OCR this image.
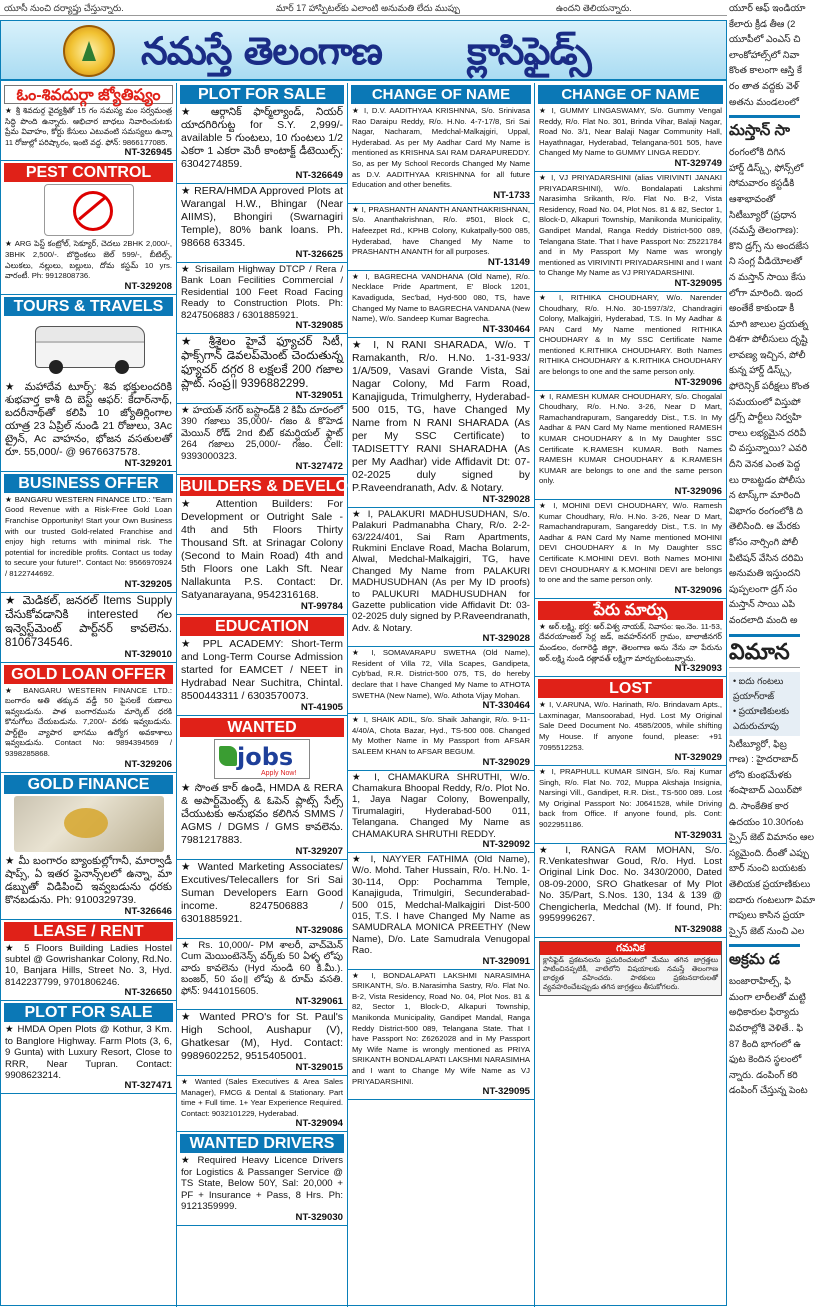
యూసీ నుంచి దర్యాప్తు చేస్తున్నారు.	మార్ 17 హాస్పిటల్‌కు ఎలాంటి అనుమతి లేదు ముప్పు	ఉందని తెలియన్నారు.
నమస్తే తెలంగాణ క్లాసిఫైడ్స్
ఓం-శివదుర్గా జ్యోతిష్యం
★ శ్రీ శివదుర్గ వైద్యశ్రీతో 15 గం సమస్య మం సర్వమంత్ర సిద్ధి పొంది ఉన్నారు. ఆభిచార బాధలు నివారించుటకు ప్రేమ వివాహం, కోర్టు కేసులు ఎటువంటి సమస్యలు ఉన్నా 11 రోజుల్లో పరిష్కారం, ఇంటి వద్ద. ఫోన్: 9866177085.
NT-326945
PEST CONTROL
★ ARG పెస్ట్ కంట్రోల్, సెక్యూర్, చెదలు 2BHK 2,000/-, 3BHK 2,500/-. బొద్దింకలు జెల్ 599/-, బీటిల్స్, ఎలుకలు, నల్లులు, బల్లులు, దోమ కస్టమ్ 10 yrs. వారంటీ. Ph: 9912808736.
NT-329208
TOURS & TRAVELS
★ మహాదేవ టూర్స్: శివ భక్తులందరికి శుభవార్త కాశీ ది బెస్ట్ ఆఫర్: కేదార్‌నాథ్, బదరీనాథ్‌తో కలిపి 10 జ్యోతిర్లింగాల యాత్ర 23 ఏప్రిల్‌ నుండి 21 రోజులు, 3Ac ట్రైన్, Ac వాహనం, భోజన వసతులతో రూ. 55,000/- @ 9676637578.
NT-329201
BUSINESS OFFER
★ BANGARU WESTERN FINANCE LTD.: "Earn Good Revenue with a Risk-Free Gold Loan Franchise Opportunity! Start your Own Business with our trusted Gold-related Franchise and enjoy high returns with minimal risk. The potential for incredible profits. Contact us today to secure your future!". Contact No: 9566970924 / 8122744692.
NT-329205
★ మెడికల్, జనరల్ Items Supply చేసుకోవడానికి interested గల ఇన్వెస్ట్‌మెంట్ పార్ట్‌నర్ కావలెను. 8106734546.
NT-329010
GOLD LOAN OFFER
★ BANGARU WESTERN FINANCE LTD.: బంగారం అతి తక్కువ వడ్డీ 50 పైసలకే రుణాలు ఇవ్వబడును. పాత బంగారమును మార్కెట్ ధరకి కొనుగోలు చేయబడును. 7,200/- వరకు ఇవ్వబడును. పార్ట్‌టైం వ్యాపార భాగము ఉద్యోగ అవకాశాలు ఇవ్వబడును. Contact No: 9894394569 / 9398285868.
NT-329206
GOLD FINANCE
★ మీ బంగారం బ్యాంకుల్లోగానీ, మార్వాడీ షాప్స్, ఏ ఇతర ఫైనాన్స్‌లలో ఉన్నా, మా డబ్బుతో విడిపించి ఇవ్వబడును ధరకు కొనబడును. Ph: 9100329739.
NT-326646
LEASE / RENT
★ 5 Floors Building Ladies Hostel subtel @ Gowrishankar Colony, Rd.No. 10, Banjara Hills, Street No. 3, Hyd. 8142237799, 9701806246.
NT-326650
PLOT FOR SALE
★ HMDA Open Plots @ Kothur, 3 Km. to Banglore Highway. Farm Plots (3, 6, 9 Gunta) with Luxury Resort, Close to RRR, Near Tupran. Contact: 9908623214.
NT-327471
PLOT FOR SALE
★ ఆర్గానిక్ ఫార్మ్‌ల్యాండ్, నియర్ యాదగిరిగుట్ట for S.Y. 2,999/- available 5 గుంటలు, 10 గుంటలు 1/2 ఎకరా 1 ఎకరా మెరీ కాంటాక్ట్ డీటెయిల్స్: 6304274859.
NT-326649
★ RERA/HMDA Approved Plots at Warangal H.W., Bhingar (Near AIIMS), Bhongiri (Swarnagiri Temple), 80% bank loans. Ph. 98668 63345.
NT-326625
★ Srisailam Highway DTCP / Rera / Bank Loan Fecilities Commercial / Residential 100 Feet Road Facing Ready to Construction Plots. Ph: 8247506883 / 6301885921.
NT-329085
★ శ్రీశైలం హైవే ఫ్యూచర్ సిటీ, ఫాక్స్‌గాన్ డెవలప్‌మెంట్ చెందుతున్న ఫ్యూచర్ దగ్గర 8 లక్షలకే 200 గజాల ప్లాట్. సంప్ర॥ 9396882299.
NT-329051
★ హయత్ నగర్ బస్టాండ్‌కి 2 కిమీ దూరంలో 390 గజాలు 35,000/- గజం & కొహెడ మెయిన్ రోడ్ 2nd బిట్ కమర్షియల్ ఫ్లాట్ 264 గజాలు 25,000/- గజం. Cell: 9393000323.
NT-327472
BUILDERS & DEVELOPERS
★ Attention Builders: For Development or Outright Sale - 4th and 5th Floors Thirty Thousand Sft. at Srinagar Colony (Second to Main Road) 4th and 5th Floors one Lakh Sft. Near Nallakunta P.S. Contact: Dr. Satyanarayana, 9542316168.
NT-99784
EDUCATION
★ PPL ACADEMY: Short-Term and Long-Term Course Admission started for EAMCET / NEET in Hydrabad Near Suchitra, Chintal. 8500443311 / 6303570073.
NT-41905
WANTED
jobs
Apply Now!
★ సొంత కార్ ఉండి, HMDA & RERA & అపార్ట్‌మెంట్స్ & ఓపెన్ ప్లాట్స్ సేల్స్ చేయుటకు అనుభవం కలిగిన SMMS / AGMS / DGMS / GMS కావలెను. 7981217883.
NT-329207
★ Wanted Marketing Associates/ Excutives/Telecallers for Sri Sai Suman Developers Earn Good income. 8247506883 / 6301885921.
NT-329086
★ Rs. 10,000/- PM శాలరీ, వాచ్‌మెన్ Cum మెయింటెనెన్స్ వర్క్‌కు 50 ఏళ్ళ లోపు వారు కావలెను (Hyd నుండి 60 కి.మీ.). బంజర్, 50 పం॥ లోపు & రూమ్ వసతి. ఫోన్: 9441015605.
NT-329061
★ Wanted PRO's for St. Paul's High School, Aushapur (V), Ghatkesar (M), Hyd. Contact: 9989602252, 9515405001.
NT-329015
★ Wanted (Sales Executives & Area Sales Manager), FMCG & Dental & Stationary. Part time + Full time. 1+ Year Experience Required. Contact: 9032101229, Hyderabad.
NT-329094
WANTED DRIVERS
★ Required Heavy Licence Drivers for Logistics & Passanger Service @ TS State, Below 50Y, Sal: 20,000 + PF + Insurance + Pass, 8 Hrs. Ph: 9121359999.
NT-329030
CHANGE OF NAME
★ I, D.V. AADITHYAA KRISHNNA, S/o. Srinivasa Rao Daraipu Reddy, R/o. H.No. 4-7-17/8, Sri Sai Nagar, Nacharam, Medchal-Malkajgiri, Uppal, Hyderabad. As per My Aadhar Card My Name is mentioned as KRISHNA SAI RAM DARAPUREDDY. So, as per My School Records Changed My Name as D.V. AADITHYAA KRISHNNA for all future Education and other benefits.
NT-1733
★ I, PRASHANTH ANANTH ANANTHAKRISHNAN, S/o. Ananthakrishnan, R/o. #501, Block C, Hafeezpet Rd., KPHB Colony, Kukatpally-500 085, Hyderabad, have Changed My Name to PRASHANTH ANANTH for all purposes.
NT-13149
★ I, BAGRECHA VANDHANA (Old Name), R/o. Necklace Pride Apartment, E' Block 1201, Kavadiguda, Sec'bad, Hyd-500 080, TS, have Changed My Name to BAGRECHA VANDANA (New Name), W/o. Sandeep Kumar Bagrecha.
NT-330464
★ I, N RANI SHARADA, W/o. T Ramakanth, R/o. H.No. 1-31-933/ 1/A/509, Vasavi Grande Vista, Sai Nagar Colony, Md Farm Road, Kanajiguda, Trimulgherry, Hyderabad-500 015, TG, have Changed My Name from N RANI SHARADA (As per My SSC Certificate) to TADISETTY RANI SHARADHA (As per My Aadhar) vide Affidavit Dt: 07-02-2025 duly signed by P.Raveendranath, Adv. & Notary.
NT-329028
★ I, PALAKURI MADHUSUDHAN, S/o. Palakuri Padmanabha Chary, R/o. 2-2-63/224/401, Sai Ram Apartments, Rukmini Enclave Road, Macha Bolarum, Alwal, Medchal-Malkajgiri, TG, have Changed My Name from PALAKURI MADHUSUDHAN (As per My ID proofs) to PALUKURI MADHUSUDHAN for Gazette publication vide Affidavit Dt: 03-02-2025 duly signed by P.Raveendranath, Adv. & Notary.
NT-329028
★ I, SOMAVARAPU SWETHA (Old Name), Resident of Villa 72, Villa Scapes, Gandipeta, Cyb'bad, R.R. District-500 075, TS, do hereby declare that I have Changed My Name to ATHOTA SWETHA (New Name), W/o. Athota Vijay Mohan.
NT-330464
★ I, SHAIK ADIL, S/o. Shaik Jahangir, R/o. 9-11-4/40/A, Chota Bazar, Hyd., TS-500 008. Changed My Mother Name in My Passport from AFSAR SALEEM KHAN to AFSAR BEGUM.
NT-329029
★ I, CHAMAKURA SHRUTHI, W/o. Chamakura Bhoopal Reddy, R/o. Plot No. 1, Jaya Nagar Colony, Bowenpally, Tirumalagiri, Hyderabad-500 011, Telangana. Changed My Name as CHAMAKURA SHRUTHI REDDY.
NT-329092
★ I, NAYYER FATHIMA (Old Name), W/o. Mohd. Taher Hussain, R/o. H.No. 1-30-114, Opp: Pochamma Temple, Kanajiguda, Trimulgiri, Secunderabad-500 015, Medchal-Malkajgiri Dist-500 015, T.S. I have Changed My Name as SAMUDRALA MONICA PREETHY (New Name), D/o. Late Samudrala Venugopal Rao.
NT-329091
★ I, BONDALAPATI LAKSHMI NARASIMHA SRIKANTH, S/o. B.Narasimha Sastry, R/o. Flat No. B-2, Vista Residency, Road No. 04, Plot Nos. 81 & 82, Sector 1, Block-D, Alkapuri Township, Manikonda Municipality, Gandipet Mandal, Ranga Reddy District-500 089, Telangana State. That I have Passport No: Z6262028 and in My Passport My Wife Name is wrongly mentioned as PRIYA SRIKANTH BONDALAPATI LAKSHMI NARASIMHA and I want to Change My Wife Name as VJ PRIYADARSHINI.
NT-329095
CHANGE OF NAME
★ I, GUMMY LINGASWAMY, S/o. Gummy Vengal Reddy, R/o. Flat No. 301, Brinda Vihar, Balaji Nagar, Road No. 3/1, Near Balaji Nagar Community Hall, Hayathnagar, Hyderabad, Telangana-501 505, have Changed My Name to GUMMY LINGA REDDY.
NT-329749
★ I, VJ PRIYADARSHINI (alias VIRIVINTI JANAKI PRIYADARSHINI), W/o. Bondalapati Lakshmi Narasimha Srikanth, R/o. Flat No. B-2, Vista Residency, Road No. 04, Plot Nos. 81 & 82, Sector 1, Block-D, Alkapuri Township, Manikonda Municipality, Gandipet Mandal, Ranga Reddy District-500 089, Telangana State. That I have Passport No: Z5221784 and in My Passport My Name was wrongly mentioned as VIRIVINTI PRIYADARSHINI and I want to Change My Name as VJ PRIYADARSHINI.
NT-329095
★ I, RITHIKA CHOUDHARY, W/o. Narender Choudhary, R/o. H.No. 30-1597/3/2, Chandragiri Colony, Malkajgiri, Hyderabad, T.S. In My Aadhar & PAN Card My Name mentioned RITHIKA CHOUDHARY & In My SSC Certificate Name mentioned K.RITHIKA CHOUDHARY. Both Names RITHIKA CHOUDHARY & K.RITHIKA CHOUDHARY are belongs to one and the same person only.
NT-329096
★ I, RAMESH KUMAR CHOUDHARY, S/o. Chogalal Choudhary, R/o. H.No. 3-26, Near D Mart, Ramachandrapuram, Sangareddy Dist., T.S. In My Aadhar & PAN Card My Name mentioned RAMESH KUMAR CHOUDHARY & In My Daughter SSC Certificate K.RAMESH KUMAR. Both Names RAMESH KUMAR CHOUDHARY & K.RAMESH KUMAR are belongs to one and the same person only.
NT-329096
★ I, MOHINI DEVI CHOUDHARY, W/o. Ramesh Kumar Choudhary, R/o. H.No. 3-26, Near D Mart, Ramachandrapuram, Sangareddy Dist., T.S. In My Aadhar & PAN Card My Name mentioned MOHINI DEVI CHOUDHARY & In My Daughter SSC Certificate K.MOHINI DEVI. Both Names MOHINI DEVI CHOUDHARY & K.MOHINI DEVI are belongs to one and the same person only.
NT-329096
పేరు మార్పు
★ అర్.లక్ష్మి, భర్త: అర్.విశ్వ నాయక్, నివాసం: ఇం.నెం. 11-53, దేవరయాంజల్ సెర్ల జడ్, జవహర్‌నగర్ గ్రామం, బాలాజీనగర్ మండలం, రంగారెడ్డి జిల్లా, తెలంగాణ అను నేను నా పేరును అర్.లక్ష్మి నుండి రత్లావత్ లక్ష్మిగా మార్చుకుంటున్నాను.
NT-329093
LOST
★ I, V.ARUNA, W/o. Harinath, R/o. Brindavam Apts., Laxminagar, Mansoorabad, Hyd. Lost My Original Sale Deed Document No. 4585/2005, while shifting My House. If anyone found, please: +91 7095512253.
NT-329029
★ I, PRAPHULL KUMAR SINGH, S/o. Raj Kumar Singh, R/o. Flat No. 702, Muppa Akshaja Insignia, Narsingi Vill., Gandipet, R.R. Dist., TS-500 089. Lost My Original Passport No: J0641528, while Driving back from Office. If anyone found, pls. Cont: 9022951186.
NT-329031
★ I, RANGA RAM MOHAN, S/o. R.Venkateshwar Goud, R/o. Hyd. Lost Original Link Doc. No. 3430/2000, Dated 08-09-2000, SRO Ghatkesar of My Plot No. 35/Part, S.Nos. 130, 134 & 139 @ Chengicherla, Medchal (M). If found, Ph: 9959996267.
NT-329088
గమనిక
క్లాసిఫైడ్ ప్రకటనలను ప్రచురించుటలో మేము తగిన జాగ్రత్తలు పాటించినప్పటికీ, వాటిలోని విషయాలకు నమస్తే తెలంగాణ బాధ్యత వహించదు. పాఠకులు ప్రకటనదారులతో వ్యవహరించేటప్పుడు తగిన జాగ్రత్తలు తీసుకోగలరు.

యూర్ ఆఫ్ ఇండియా

కేలారు క్రీడ తీఆ (2

యూపీలో ఎంఎస్ చి

లాంకోహాల్స్‌లో నివా

కొంత కాలంగా ఆస్తి కే

రం తాత వద్దకు వెళ్

అతను మండలంలో

మస్తాన్ సా

రంగంలోకి దిగిన

హార్డ్ డిస్క్స్, ఫోన్స్‌లో

సోమవారం కస్టడీకి

ఆశాభావంతో

సిటీబ్యూరో (ప్రధాన

(నమస్తే తెలంగాణ):

కొని డ్రగ్స్ ను అందజేస

ని సంగ్ల వీడియోలతో

న మస్తాన్ సాయి కేసు

లోగా మారింది. ఇంద

అంతేకే కాకుండా కీ

మాగి జాలుల ప్రయత్న

దిశగా పోలీసులు దృష్టి

లావణ్య ఇచ్చిన, పోలీ

కున్న హార్డ్ డిస్క్స్,

ఫోరెన్సిక్ పరీక్షలు కొంత

సమయంలో విస్తుపో

డ్రగ్స్ పార్టీలు నిర్వహి

రాలు లభ్యమైన దరివీ

చి వస్తున్నాయి? ఎవరి

దీని వెనక ఎంత పెద్ద

లు రాబట్టడం పోలీసు

న టాస్క్‌గా మారింది

విభాగం రంగంలోకి ది

తెలిసింది. ఆ మేరకు

కోసం నార్సింగి పోలీ

పిటిషన్ వేసిన దరిమి

అనుమతి ఇస్తుందని

పుప్పలంగా డ్రగ్ సం

మస్తాన్ సాయి ఎపి

వందలాది మంది అ

విమాన

• ఐదు గంటలు

ప్రయాగ్‌రాజ్‌

• ప్రయాణికులకు

ఎదురుచూపు

సిటీబ్యూరో, ఫిబ్ర

గాణ) : హైదరాబాద్

లోని కుంభమేళకు

శంషాబాద్ ఎయిర్‌పో

ది. సాంకేతిక కార

ఉదయం 10.30గంట

స్పైస్ జెట్ విమానం ఆల

స్యమైంది. దీంతో ఎప్పు

బార్ నుంచి బయటకు

తెలియక ప్రయాణికులు

ఐదారు గంటలుగా విమా

గాపులు కాసిన ప్రయా

స్పైస్ జెట్ నుంచి ఎల

అక్రమ డ

బంజారాహిల్స్, ఫి

మంగా లారీలతో మట్టి

అధికారుల ఫిర్యాదు

వివరాల్లోకి వెళితే.. ఫి

87 కింది భాగంలో ఉ

ఫుట కెందిన స్థలంలో

న్నారు. డంపింగ్ కరి

డంపింగ్ చేస్తున్న పెంట
